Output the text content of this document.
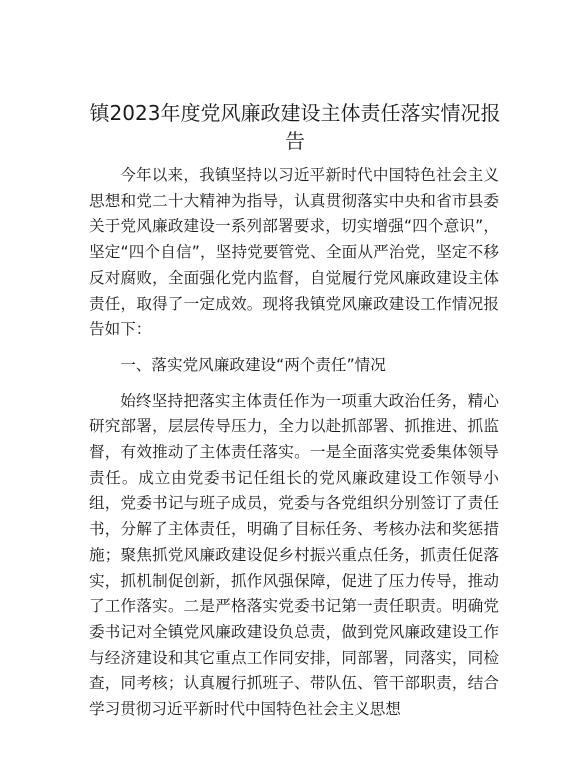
镇2023年度党风廉政建设主体责任落实情况报告

今年以来，我镇坚持以习近平新时代中国特色社会主义思想和党二十大精神为指导，认真贯彻落实中央和省市县委关于党风廉政建设一系列部署要求，切实增强“四个意识”，坚定“四个自信”，坚持党要管党、全面从严治党，坚定不移反对腐败，全面强化党内监督，自觉履行党风廉政建设主体责任，取得了一定成效。现将我镇党风廉政建设工作情况报告如下：

一、落实党风廉政建设“两个责任”情况

始终坚持把落实主体责任作为一项重大政治任务，精心研究部署，层层传导压力，全力以赴抓部署、抓推进、抓监督，有效推动了主体责任落实。一是全面落实党委集体领导责任。成立由党委书记任组长的党风廉政建设工作领导小组，党委书记与班子成员，党委与各党组织分别签订了责任书，分解了主体责任，明确了目标任务、考核办法和奖惩措施；聚焦抓党风廉政建设促乡村振兴重点任务，抓责任促落实，抓机制促创新，抓作风强保障，促进了压力传导，推动了工作落实。二是严格落实党委书记第一责任职责。明确党委书记对全镇党风廉政建设负总责，做到党风廉政建设工作与经济建设和其它重点工作同安排，同部署，同落实，同检查，同考核；认真履行抓班子、带队伍、管干部职责，结合学习贯彻习近平新时代中国特色社会主义思想
